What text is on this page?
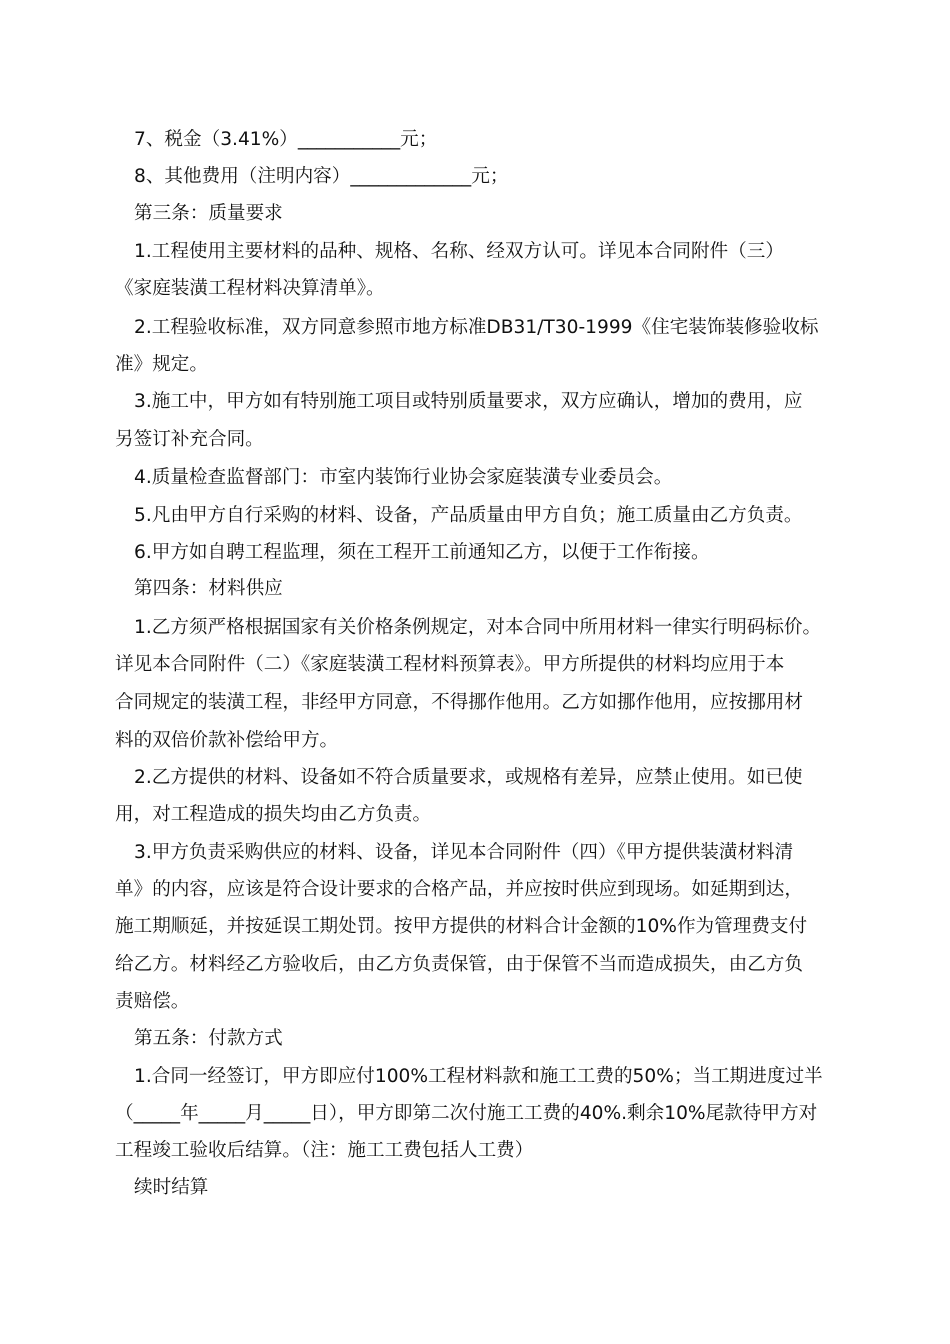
7、税金（3.41%）___________元；

8、其他费用（注明内容）_____________元；

第三条：质量要求

1.工程使用主要材料的品种、规格、名称、经双方认可。详见本合同附件（三）

《家庭装潢工程材料决算清单》。

2.工程验收标准，双方同意参照市地方标准DB31/T30-1999《住宅装饰装修验收标

准》规定。

3.施工中，甲方如有特别施工项目或特别质量要求，双方应确认，增加的费用，应

另签订补充合同。

4.质量检查监督部门：市室内装饰行业协会家庭装潢专业委员会。

5.凡由甲方自行采购的材料、设备，产品质量由甲方自负；施工质量由乙方负责。

6.甲方如自聘工程监理，须在工程开工前通知乙方，以便于工作衔接。

第四条：材料供应

1.乙方须严格根据国家有关价格条例规定，对本合同中所用材料一律实行明码标价。

详见本合同附件（二）《家庭装潢工程材料预算表》。甲方所提供的材料均应用于本

合同规定的装潢工程，非经甲方同意，不得挪作他用。乙方如挪作他用，应按挪用材

料的双倍价款补偿给甲方。

2.乙方提供的材料、设备如不符合质量要求，或规格有差异，应禁止使用。如已使

用，对工程造成的损失均由乙方负责。

3.甲方负责采购供应的材料、设备，详见本合同附件（四）《甲方提供装潢材料清

单》的内容，应该是符合设计要求的合格产品，并应按时供应到现场。如延期到达，

施工期顺延，并按延误工期处罚。按甲方提供的材料合计金额的10%作为管理费支付

给乙方。材料经乙方验收后，由乙方负责保管，由于保管不当而造成损失，由乙方负

责赔偿。

第五条：付款方式

1.合同一经签订，甲方即应付100%工程材料款和施工工费的50%；当工期进度过半

（_____年_____月_____日），甲方即第二次付施工工费的40%.剩余10%尾款待甲方对

工程竣工验收后结算。（注：施工工费包括人工费）

续时结算
